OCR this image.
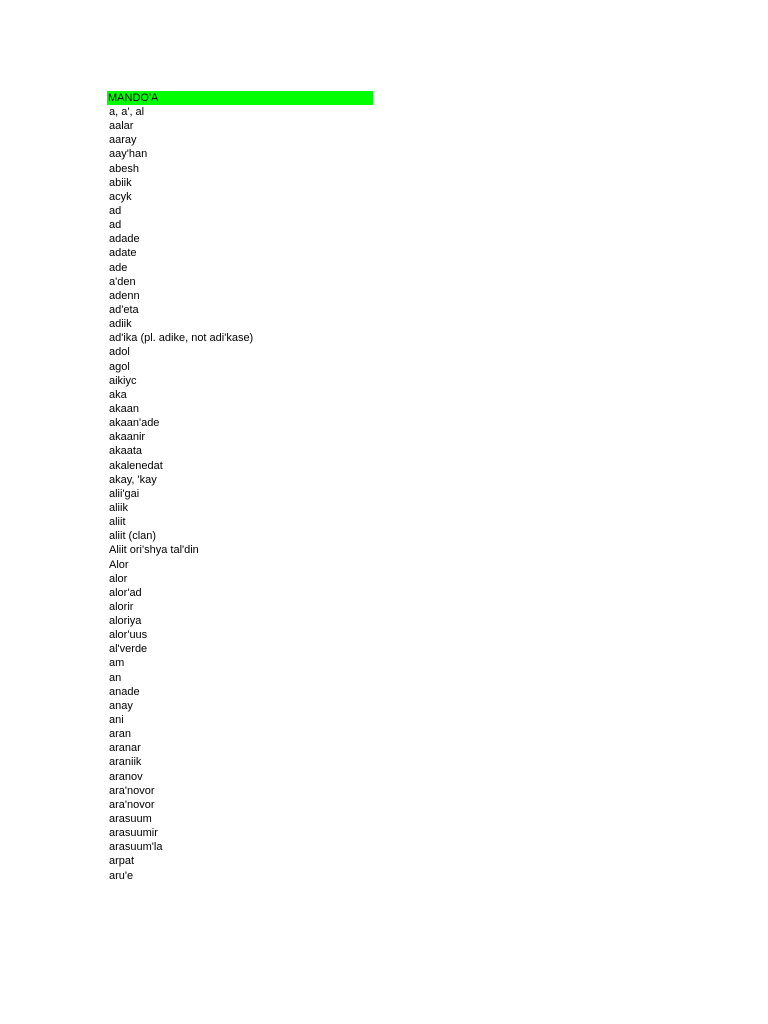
MANDO'A
a, a', al
aalar
aaray
aay'han
abesh
abiik
acyk
ad
ad
adade
adate
ade
a'den
adenn
ad'eta
adiik
ad'ika (pl. adike, not adi'kase)
adol
agol
aikiyc
aka
akaan
akaan'ade
akaanir
akaata
akalenedat
akay, 'kay
alii'gai
aliik
aliit
aliit (clan)
Aliit ori'shya tal'din
Alor
alor
alor'ad
alorir
aloriya
alor'uus
al'verde
am
an
anade
anay
ani
aran
aranar
araniik
aranov
ara'novor
ara'novor
arasuum
arasuumir
arasuum'la
arpat
aru'e
